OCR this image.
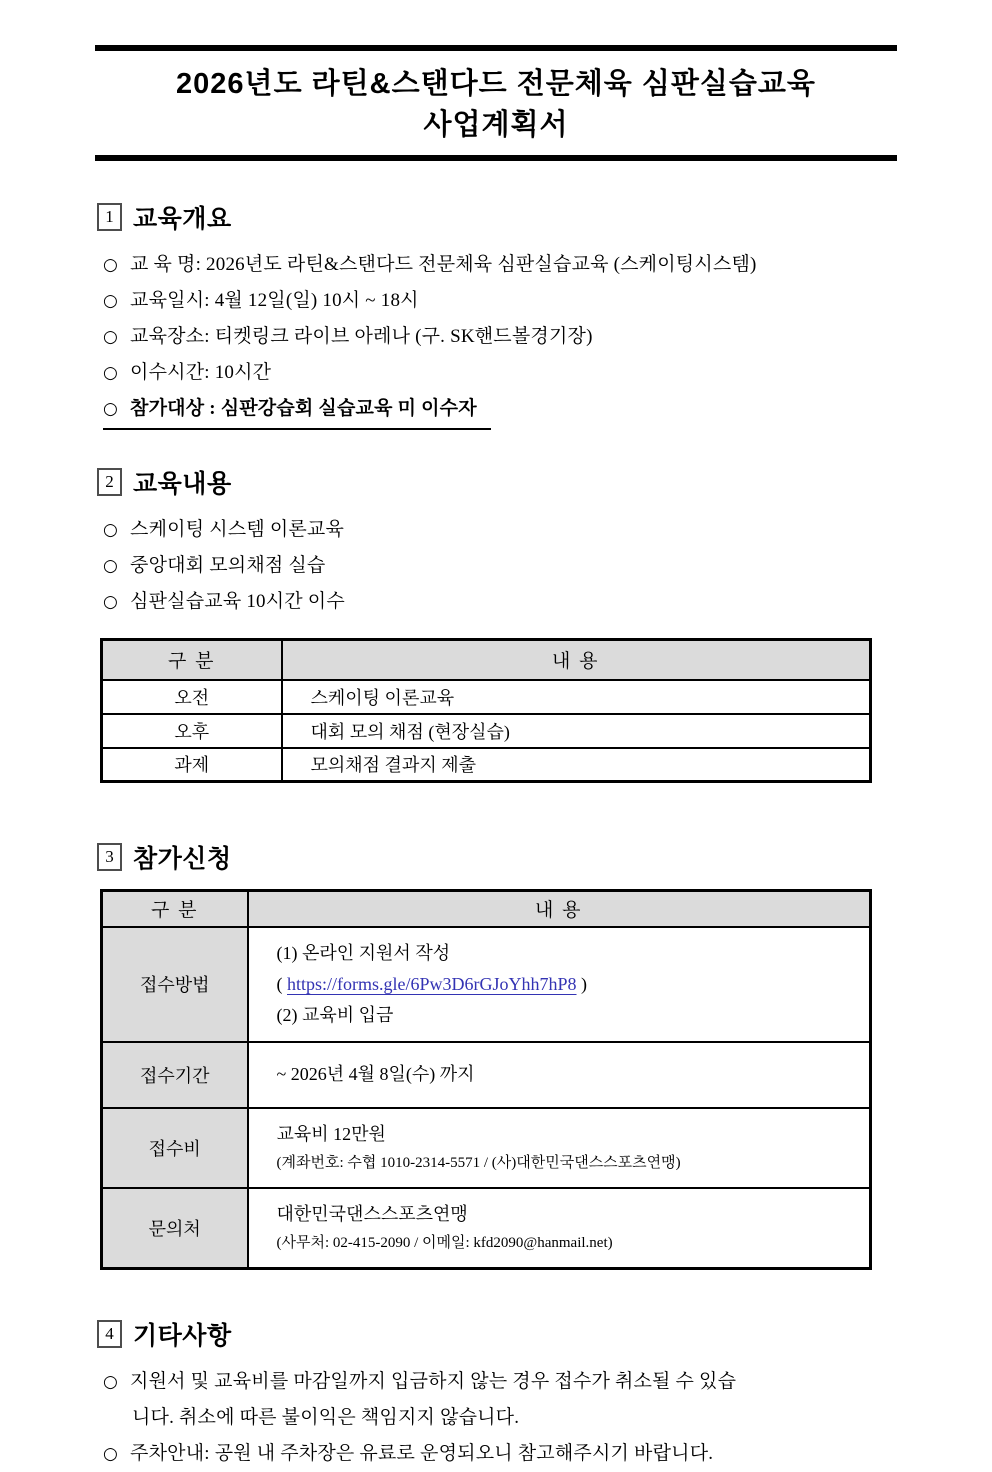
2026년도 라틴&스탠다드 전문체육 심판실습교육
사업계획서
1 교육개요
○ 교 육 명: 2026년도 라틴&스탠다드 전문체육 심판실습교육 (스케이팅시스템)
○ 교육일시: 4월 12일(일) 10시 ~ 18시
○ 교육장소: 티켓링크 라이브 아레나 (구. SK핸드볼경기장)
○ 이수시간: 10시간
○ 참가대상 : 심판강습회 실습교육 미 이수자
2 교육내용
○ 스케이팅 시스템 이론교육
○ 중앙대회 모의채점 실습
○ 심판실습교육 10시간 이수
구 분	내 용
오전	스케이팅 이론교육
오후	대회 모의 채점 (현장실습)
과제	모의채점 결과지 제출
3 참가신청
구 분	내 용
접수방법	(1) 온라인 지원서 작성
( https://forms.gle/6Pw3D6rGJoYhh7hP8 )
(2) 교육비 입금

접수기간	~ 2026년 4월 8일(수) 까지

접수비	교육비 12만원
(계좌번호: 수협 1010-2314-5571 / (사)대한민국댄스스포츠연맹)

문의처	대한민국댄스스포츠연맹
(사무처: 02-415-2090 / 이메일: kfd2090@hanmail.net)
4 기타사항
○ 지원서 및 교육비를 마감일까지 입금하지 않는 경우 접수가 취소될 수 있습
니다. 취소에 따른 불이익은 책임지지 않습니다.
○ 주차안내: 공원 내 주차장은 유료로 운영되오니 참고해주시기 바랍니다.
